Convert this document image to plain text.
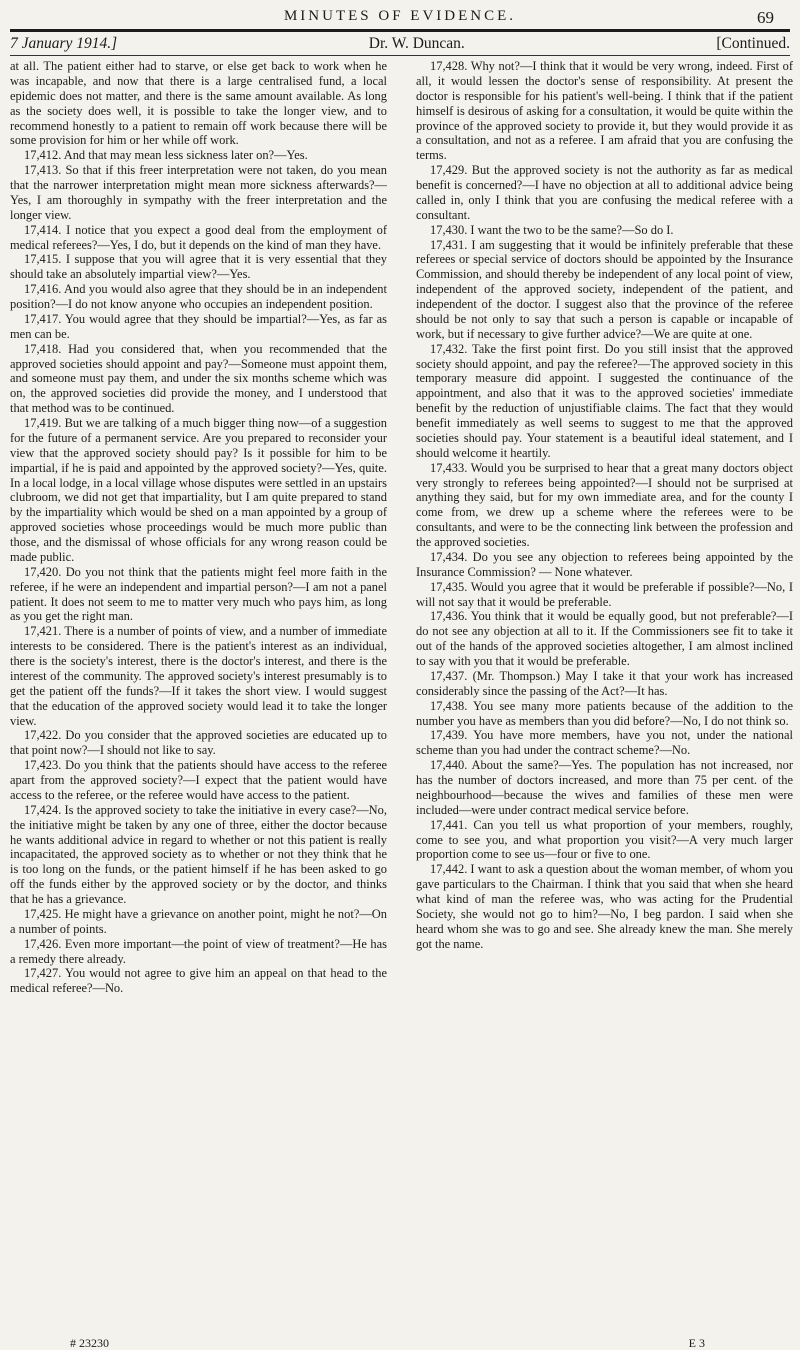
MINUTES OF EVIDENCE.	69
7 January 1914.]	Dr. W. Duncan.	[Continued.

at all. The patient either had to starve, or else get back to work when he was incapable, and now that there is a large centralised fund, a local epidemic does not matter, and there is the same amount available. As long as the society does well, it is possible to take the longer view, and to recommend honestly to a patient to remain off work because there will be some provision for him or her while off work.

17,412. And that may mean less sickness later on?—Yes.

17,413. So that if this freer interpretation were not taken, do you mean that the narrower interpretation might mean more sickness afterwards?—Yes, I am thoroughly in sympathy with the freer interpretation and the longer view.

17,414. I notice that you expect a good deal from the employment of medical referees?—Yes, I do, but it depends on the kind of man they have.

17,415. I suppose that you will agree that it is very essential that they should take an absolutely impartial view?—Yes.

17,416. And you would also agree that they should be in an independent position?—I do not know anyone who occupies an independent position.

17,417. You would agree that they should be impartial?—Yes, as far as men can be.

17,418. Had you considered that, when you recommended that the approved societies should appoint and pay?—Someone must appoint them, and someone must pay them, and under the six months scheme which was on, the approved societies did provide the money, and I understood that that method was to be continued.

17,419. But we are talking of a much bigger thing now—of a suggestion for the future of a permanent service. Are you prepared to reconsider your view that the approved society should pay? Is it possible for him to be impartial, if he is paid and appointed by the approved society?—Yes, quite. In a local lodge, in a local village whose disputes were settled in an upstairs clubroom, we did not get that impartiality, but I am quite prepared to stand by the impartiality which would be shed on a man appointed by a group of approved societies whose proceedings would be much more public than those, and the dismissal of whose officials for any wrong reason could be made public.

17,420. Do you not think that the patients might feel more faith in the referee, if he were an independent and impartial person?—I am not a panel patient. It does not seem to me to matter very much who pays him, as long as you get the right man.

17,421. There is a number of points of view, and a number of immediate interests to be considered. There is the patient's interest as an individual, there is the society's interest, there is the doctor's interest, and there is the interest of the community. The approved society's interest presumably is to get the patient off the funds?—If it takes the short view. I would suggest that the education of the approved society would lead it to take the longer view.

17,422. Do you consider that the approved societies are educated up to that point now?—I should not like to say.

17,423. Do you think that the patients should have access to the referee apart from the approved society?—I expect that the patient would have access to the referee, or the referee would have access to the patient.

17,424. Is the approved society to take the initiative in every case?—No, the initiative might be taken by any one of three, either the doctor because he wants additional advice in regard to whether or not this patient is really incapacitated, the approved society as to whether or not they think that he is too long on the funds, or the patient himself if he has been asked to go off the funds either by the approved society or by the doctor, and thinks that he has a grievance.

17,425. He might have a grievance on another point, might he not?—On a number of points.

17,426. Even more important—the point of view of treatment?—He has a remedy there already.

17,427. You would not agree to give him an appeal on that head to the medical referee?—No.

17,428. Why not?—I think that it would be very wrong, indeed. First of all, it would lessen the doctor's sense of responsibility. At present the doctor is responsible for his patient's well-being. I think that if the patient himself is desirous of asking for a consultation, it would be quite within the province of the approved society to provide it, but they would provide it as a consultation, and not as a referee. I am afraid that you are confusing the terms.

17,429. But the approved society is not the authority as far as medical benefit is concerned?—I have no objection at all to additional advice being called in, only I think that you are confusing the medical referee with a consultant.

17,430. I want the two to be the same?—So do I.

17,431. I am suggesting that it would be infinitely preferable that these referees or special service of doctors should be appointed by the Insurance Commission, and should thereby be independent of any local point of view, independent of the approved society, independent of the patient, and independent of the doctor. I suggest also that the province of the referee should be not only to say that such a person is capable or incapable of work, but if necessary to give further advice?—We are quite at one.

17,432. Take the first point first. Do you still insist that the approved society should appoint, and pay the referee?—The approved society in this temporary measure did appoint. I suggested the continuance of the appointment, and also that it was to the approved societies' immediate benefit by the reduction of unjustifiable claims. The fact that they would benefit immediately as well seems to suggest to me that the approved societies should pay. Your statement is a beautiful ideal statement, and I should welcome it heartily.

17,433. Would you be surprised to hear that a great many doctors object very strongly to referees being appointed?—I should not be surprised at anything they said, but for my own immediate area, and for the county I come from, we drew up a scheme where the referees were to be consultants, and were to be the connecting link between the profession and the approved societies.

17,434. Do you see any objection to referees being appointed by the Insurance Commission? — None whatever.

17,435. Would you agree that it would be preferable if possible?—No, I will not say that it would be preferable.

17,436. You think that it would be equally good, but not preferable?—I do not see any objection at all to it. If the Commissioners see fit to take it out of the hands of the approved societies altogether, I am almost inclined to say with you that it would be preferable.

17,437. (Mr. Thompson.) May I take it that your work has increased considerably since the passing of the Act?—It has.

17,438. You see many more patients because of the addition to the number you have as members than you did before?—No, I do not think so.

17,439. You have more members, have you not, under the national scheme than you had under the contract scheme?—No.

17,440. About the same?—Yes. The population has not increased, nor has the number of doctors increased, and more than 75 per cent. of the neighbourhood—because the wives and families of these men were included—were under contract medical service before.

17,441. Can you tell us what proportion of your members, roughly, come to see you, and what proportion you visit?—A very much larger proportion come to see us—four or five to one.

17,442. I want to ask a question about the woman member, of whom you gave particulars to the Chairman. I think that you said that when she heard what kind of man the referee was, who was acting for the Prudential Society, she would not go to him?—No, I beg pardon. I said when she heard whom she was to go and see. She already knew the man. She merely got the name.

# 23230	E 3
